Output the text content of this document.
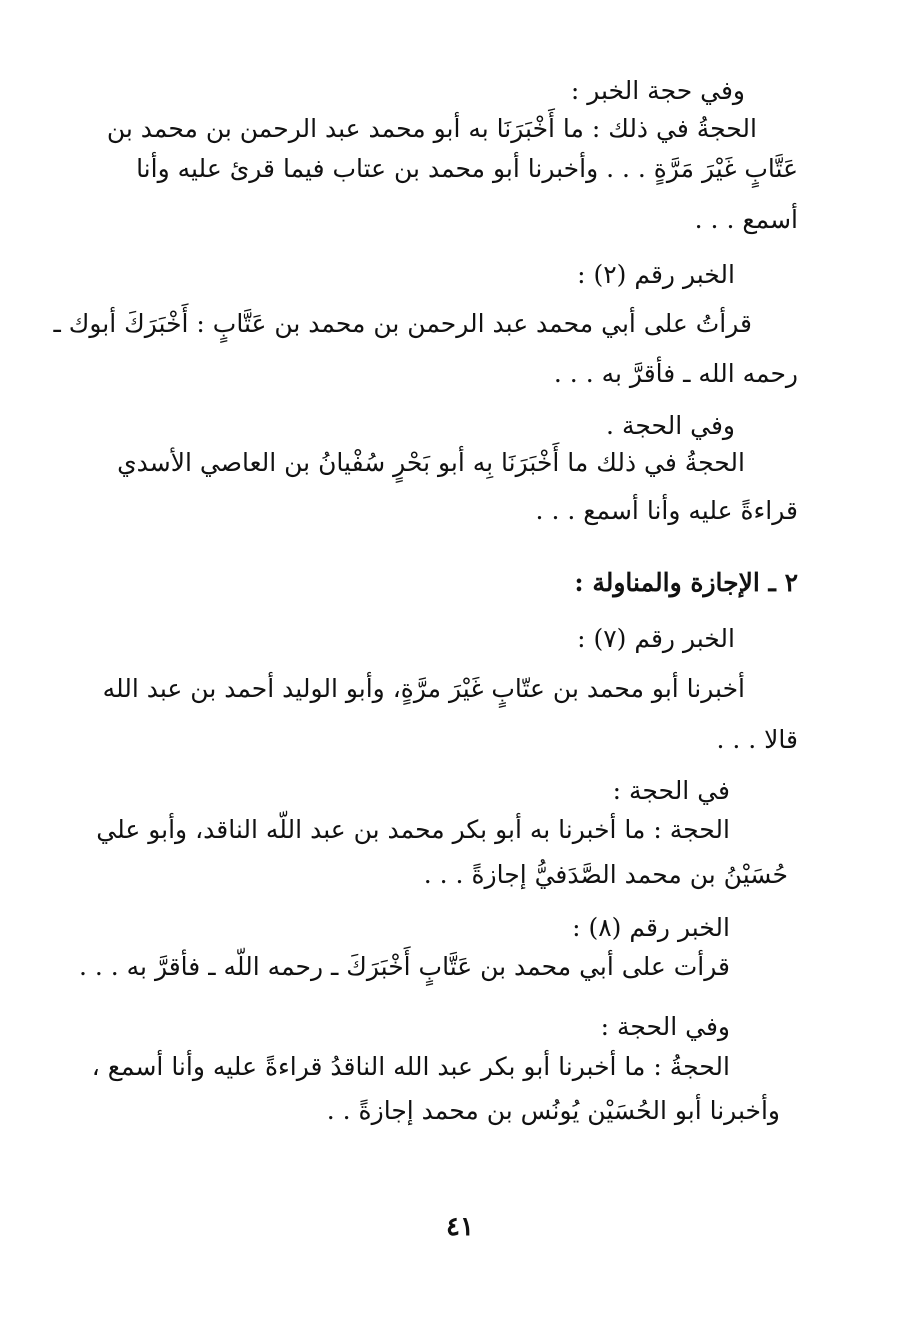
وفي حجة الخبر :
الحجةُ في ذلك : ما أَخْبَرَنَا به أبو محمد عبد الرحمن بن محمد بن
عَتَّابٍ غَيْرَ مَرَّةٍ . . . وأخبرنا أبو محمد بن عتاب فيما قرئ عليه وأنا
أسمع . . .
الخبر رقم (٢) :
قرأتُ على أبي محمد عبد الرحمن بن محمد بن عَتَّابٍ : أَخْبَرَكَ أبوك ـ
رحمه الله ـ فأقرَّ به . . .
وفي الحجة .
الحجةُ في ذلك ما أَخْبَرَنَا بِه أبو بَحْرٍ سُفْيانُ بن العاصي الأسدي
قراءةً عليه وأنا أسمع . . .
٢ ـ الإجازة والمناولة :
الخبر رقم (٧) :
أخبرنا أبو محمد بن عتّابٍ غَيْرَ مرَّةٍ، وأبو الوليد أحمد بن عبد الله
قالا . . .
في الحجة :
الحجة : ما أخبرنا به أبو بكر محمد بن عبد اللّه الناقد، وأبو علي
حُسَيْنُ بن محمد الصَّدَفيُّ إجازةً . . .
الخبر رقم (٨) :
قرأت على أبي محمد بن عَتَّابٍ أَخْبَرَكَ ـ رحمه اللّه ـ فأقرَّ به . . .
وفي الحجة :
الحجةُ : ما أخبرنا أبو بكر عبد الله الناقدُ قراءةً عليه وأنا أسمع ،
وأخبرنا أبو الحُسَيْن يُونُس بن محمد إجازةً . .
٤١
